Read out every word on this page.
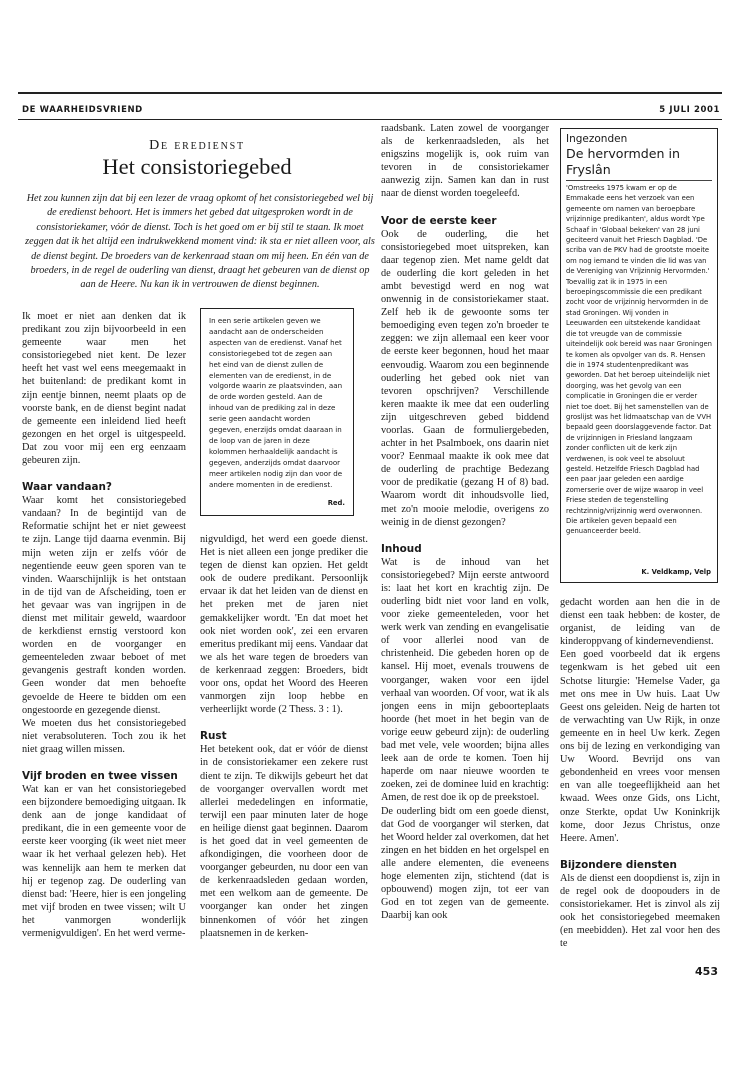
DE WAARHEIDSVRIEND	5 JULI 2001
De eredienst
Het consistoriegebed
Het zou kunnen zijn dat bij een lezer de vraag opkomt of het consistoriegebed wel bij de eredienst behoort. Het is immers het gebed dat uitgesproken wordt in de consistoriekamer, vóór de dienst. Toch is het goed om er bij stil te staan. Ik moet zeggen dat ik het altijd een indrukwekkend moment vind: ik sta er niet alleen voor, als de dienst begint. De broeders van de kerkenraad staan om mij heen. En één van de broeders, in de regel de ouderling van dienst, draagt het gebeuren van de dienst op aan de Heere. Nu kan ik in vertrouwen de dienst beginnen.

Ik moet er niet aan denken dat ik predikant zou zijn bijvoorbeeld in een gemeente waar men het consistoriegebed niet kent. De lezer heeft het vast wel eens meegemaakt in het buitenland: de predikant komt in zijn eentje binnen, neemt plaats op de voorste bank, en de dienst begint nadat de gemeente een inleidend lied heeft gezongen en het orgel is uitgespeeld. Dat zou voor mij een erg eenzaam gebeuren zijn.

Waar vandaan?

Waar komt het consistoriegebed vandaan? In de begintijd van de Reformatie schijnt het er niet geweest te zijn. Lange tijd daarna evenmin. Bij mijn weten zijn er zelfs vóór de negentiende eeuw geen sporen van te vinden. Waarschijnlijk is het ontstaan in de tijd van de Afscheiding, toen er het gevaar was van ingrijpen in de dienst met militair geweld, waardoor de kerkdienst ernstig verstoord kon worden en de voorganger en gemeenteleden zwaar beboet of met gevangenis gestraft konden worden. Geen wonder dat men behoefte gevoelde de Heere te bidden om een ongestoorde en gezegende dienst.

We moeten dus het consistoriegebed niet verabsoluteren. Toch zou ik het niet graag willen missen.

Vijf broden en twee vissen

Wat kan er van het consistoriegebed een bijzondere bemoediging uitgaan. Ik denk aan de jonge kandidaat of predikant, die in een gemeente voor de eerste keer voorging (ik weet niet meer waar ik het verhaal gelezen heb). Het was kennelijk aan hem te merken dat hij er tegenop zag. De ouderling van dienst bad: 'Heere, hier is een jongeling met vijf broden en twee vissen; wilt U het vanmorgen wonderlijk vermenigvuldigen'. En het werd verme-

In een serie artikelen geven we aandacht aan de onderscheiden aspecten van de eredienst. Vanaf het consistoriegebed tot de zegen aan het eind van de dienst zullen de elementen van de eredienst, in de volgorde waarin ze plaatsvinden, aan de orde worden gesteld. Aan de inhoud van de prediking zal in deze serie geen aandacht worden gegeven, enerzijds omdat daaraan in de loop van de jaren in deze kolommen herhaaldelijk aandacht is gegeven, anderzijds omdat daarvoor meer artikelen nodig zijn dan voor de andere momenten in de eredienst.
Red.

nigvuldigd, het werd een goede dienst. Het is niet alleen een jonge prediker die tegen de dienst kan opzien. Het geldt ook de oudere predikant. Persoonlijk ervaar ik dat het leiden van de dienst en het preken met de jaren niet gemakkelijker wordt. 'En dat moet het ook niet worden ook', zei een ervaren emeritus predikant mij eens. Vandaar dat we als het ware tegen de broeders van de kerkenraad zeggen: Broeders, bidt voor ons, opdat het Woord des Heeren vanmorgen zijn loop hebbe en verheerlijkt worde (2 Thess. 3 : 1).

Rust

Het betekent ook, dat er vóór de dienst in de consistoriekamer een zekere rust dient te zijn. Te dikwijls gebeurt het dat de voorganger overvallen wordt met allerlei mededelingen en informatie, terwijl een paar minuten later de hoge en heilige dienst gaat beginnen. Daarom is het goed dat in veel gemeenten de afkondigingen, die voorheen door de voorganger gebeurden, nu door een van de kerkenraadsleden gedaan worden, met een welkom aan de gemeente. De voorganger kan onder het zingen binnenkomen of vóór het zingen plaatsnemen in de kerken-

raadsbank. Laten zowel de voorganger als de kerkenraadsleden, als het enigszins mogelijk is, ook ruim van tevoren in de consistoriekamer aanwezig zijn. Samen kan dan in rust naar de dienst worden toegeleefd.

Voor de eerste keer

Ook de ouderling, die het consistoriegebed moet uitspreken, kan daar tegenop zien. Met name geldt dat de ouderling die kort geleden in het ambt bevestigd werd en nog wat onwennig in de consistoriekamer staat. Zelf heb ik de gewoonte soms ter bemoediging even tegen zo'n broeder te zeggen: we zijn allemaal een keer voor de eerste keer begonnen, houd het maar eenvoudig. Waarom zou een beginnende ouderling het gebed ook niet van tevoren opschrijven? Verschillende keren maakte ik mee dat een ouderling zijn uitgeschreven gebed biddend voorlas. Gaan de formuliergebeden, achter in het Psalmboek, ons daarin niet voor? Eenmaal maakte ik ook mee dat de ouderling de prachtige Bedezang voor de predikatie (gezang H of 8) bad. Waarom wordt dit inhoudsvolle lied, met zo'n mooie melodie, overigens zo weinig in de dienst gezongen?

Inhoud

Wat is de inhoud van het consistoriegebed? Mijn eerste antwoord is: laat het kort en krachtig zijn. De ouderling bidt niet voor land en volk, voor zieke gemeenteleden, voor het werk werk van zending en evangelisatie of voor allerlei nood van de christenheid. Die gebeden horen op de kansel. Hij moet, evenals trouwens de voorganger, waken voor een ijdel verhaal van woorden. Of voor, wat ik als jongen eens in mijn geboorteplaats hoorde (het moet in het begin van de vorige eeuw gebeurd zijn): de ouderling bad met vele, vele woorden; bijna alles leek aan de orde te komen. Toen hij haperde om naar nieuwe woorden te zoeken, zei de dominee luid en krachtig: Amen, de rest doe ik op de preekstoel.

De ouderling bidt om een goede dienst, dat God de voorganger wil sterken, dat het Woord helder zal overkomen, dat het zingen en het bidden en het orgelspel en alle andere elementen, die eveneens hoge elementen zijn, stichtend (dat is opbouwend) mogen zijn, tot eer van God en tot zegen van de gemeente. Daarbij kan ook

Ingezonden
De hervormden in Fryslân
'Omstreeks 1975 kwam er op de Emmakade eens het verzoek van een gemeente om namen van beroepbare vrijzinnige predikanten', aldus wordt Ype Schaaf in 'Globaal bekeken' van 28 juni geciteerd vanuit het Friesch Dagblad. 'De scriba van de PKV had de grootste moeite om nog iemand te vinden die lid was van de Vereniging van Vrijzinnig Hervormden.' Toevallig zat ik in 1975 in een beroepingscommissie die een predikant zocht voor de vrijzinnig hervormden in de stad Groningen. Wij vonden in Leeuwarden een uitstekende kandidaat die tot vreugde van de commissie uiteindelijk ook bereid was naar Groningen te komen als opvolger van ds. R. Hensen die in 1974 studentenpredikant was geworden. Dat het beroep uiteindelijk niet doorging, was het gevolg van een complicatie in Groningen die er verder niet toe doet. Bij het samenstellen van de groslijst was het lidmaatschap van de VVH bepaald geen doorslaggevende factor. Dat de vrijzinnigen in Friesland langzaam zonder conflicten uit de kerk zijn verdwenen, is ook veel te absoluut gesteld. Hetzelfde Friesch Dagblad had een paar jaar geleden een aardige zomerserie over de wijze waarop in veel Friese steden de tegenstelling rechtzinnig/vrijzinnig werd overwonnen. Die artikelen geven bepaald een genuanceerder beeld.
K. Veldkamp, Velp

gedacht worden aan hen die in de dienst een taak hebben: de koster, de organist, de leiding van de kinderoppvang of kindernevendienst.

Een goed voorbeeld dat ik ergens tegenkwam is het gebed uit een Schotse liturgie: 'Hemelse Vader, ga met ons mee in Uw huis. Laat Uw Geest ons geleiden. Neig de harten tot de verwachting van Uw Rijk, in onze gemeente en in heel Uw kerk. Zegen ons bij de lezing en verkondiging van Uw Woord. Bevrijd ons van gebondenheid en vrees voor mensen en van alle toegeeflijkheid aan het kwaad. Wees onze Gids, ons Licht, onze Sterkte, opdat Uw Koninkrijk kome, door Jezus Christus, onze Heere. Amen'.

Bijzondere diensten

Als de dienst een doopdienst is, zijn in de regel ook de doopouders in de consistoriekamer. Het is zinvol als zij ook het consistoriegebed meemaken (en meebidden). Het zal voor hen des te

453
